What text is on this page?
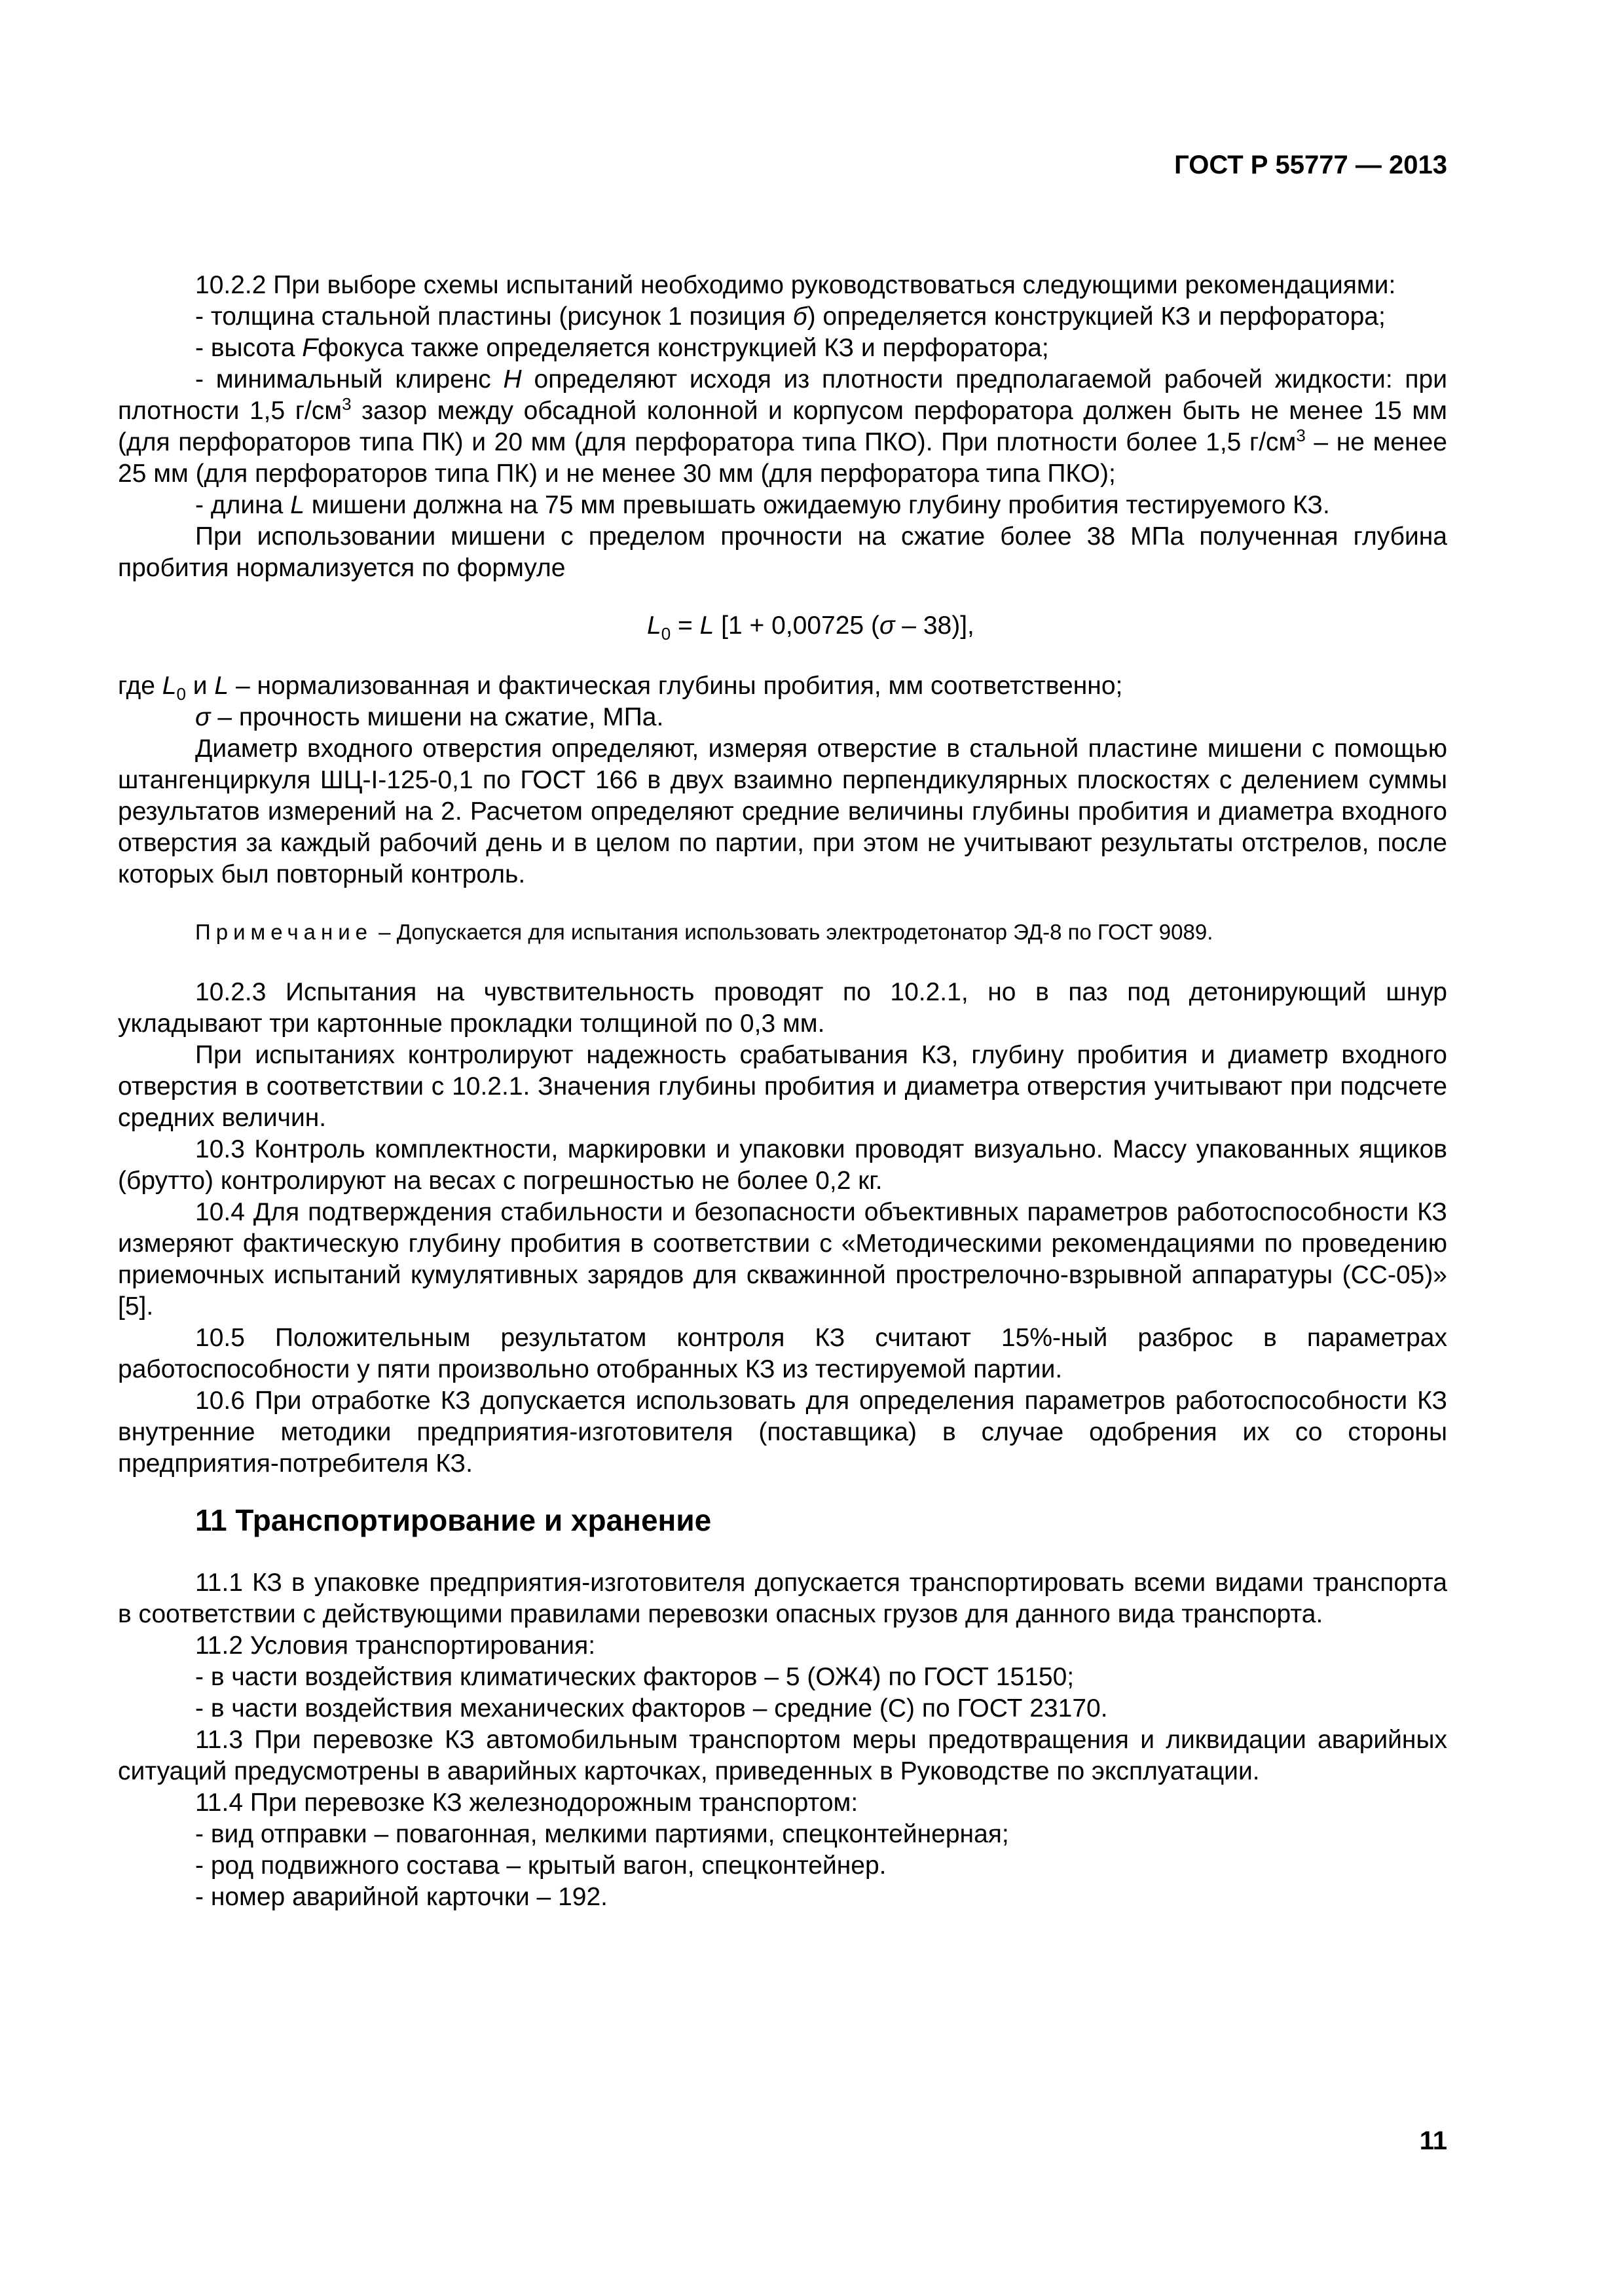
ГОСТ Р 55777 — 2013

10.2.2 При выборе схемы испытаний необходимо руководствоваться следующими рекомендациями:

- толщина стальной пластины (рисунок 1 позиция б) определяется конструкцией КЗ и перфоратора;

- высота Fфокуса также определяется конструкцией КЗ и перфоратора;

- минимальный клиренс H определяют исходя из плотности предполагаемой рабочей жидкости: при плотности 1,5 $г/см^3$ зазор между обсадной колонной и корпусом перфоратора должен быть не менее 15 мм (для перфораторов типа ПК) и 20 мм (для перфоратора типа ПКО). При плотности более 1,5 $г/см^3$ – не менее 25 мм (для перфораторов типа ПК) и не менее 30 мм (для перфоратора типа ПКО);

- длина L мишени должна на 75 мм превышать ожидаемую глубину пробития тестируемого КЗ.

При использовании мишени с пределом прочности на сжатие более 38 МПа полученная глубина пробития нормализуется по формуле

$L_0 = L$ [1 + 0,00725 (σ – 38)],

где $L_0$ и L – нормализованная и фактическая глубины пробития, мм соответственно;

σ – прочность мишени на сжатие, МПа.

Диаметр входного отверстия определяют, измеряя отверстие в стальной пластине мишени с помощью штангенциркуля ШЦ-I-125-0,1 по ГОСТ 166 в двух взаимно перпендикулярных плоскостях с делением суммы результатов измерений на 2. Расчетом определяют средние величины глубины пробития и диаметра входного отверстия за каждый рабочий день и в целом по партии, при этом не учитывают результаты отстрелов, после которых был повторный контроль.

Примечание – Допускается для испытания использовать электродетонатор ЭД-8 по ГОСТ 9089.

10.2.3 Испытания на чувствительность проводят по 10.2.1, но в паз под детонирующий шнур укладывают три картонные прокладки толщиной по 0,3 мм.

При испытаниях контролируют надежность срабатывания КЗ, глубину пробития и диаметр входного отверстия в соответствии с 10.2.1. Значения глубины пробития и диаметра отверстия учитывают при подсчете средних величин.

10.3 Контроль комплектности, маркировки и упаковки проводят визуально. Массу упакованных ящиков (брутто) контролируют на весах с погрешностью не более 0,2 кг.

10.4 Для подтверждения стабильности и безопасности объективных параметров работоспособности КЗ измеряют фактическую глубину пробития в соответствии с «Методическими рекомендациями по проведению приемочных испытаний кумулятивных зарядов для скважинной прострелочно-взрывной аппаратуры (СС-05)» [5].

10.5 Положительным результатом контроля КЗ считают 15%-ный разброс в параметрах работоспособности у пяти произвольно отобранных КЗ из тестируемой партии.

10.6 При отработке КЗ допускается использовать для определения параметров работоспособности КЗ внутренние методики предприятия-изготовителя (поставщика) в случае одобрения их со стороны предприятия-потребителя КЗ.

11 Транспортирование и хранение

11.1 КЗ в упаковке предприятия-изготовителя допускается транспортировать всеми видами транспорта в соответствии с действующими правилами перевозки опасных грузов для данного вида транспорта.

11.2 Условия транспортирования:

- в части воздействия климатических факторов – 5 (ОЖ4) по ГОСТ 15150;

- в части воздействия механических факторов – средние (С) по ГОСТ 23170.

11.3 При перевозке КЗ автомобильным транспортом меры предотвращения и ликвидации аварийных ситуаций предусмотрены в аварийных карточках, приведенных в Руководстве по эксплуатации.

11.4 При перевозке КЗ железнодорожным транспортом:

- вид отправки – повагонная, мелкими партиями, спецконтейнерная;

- род подвижного состава – крытый вагон, спецконтейнер.

- номер аварийной карточки – 192.

11
